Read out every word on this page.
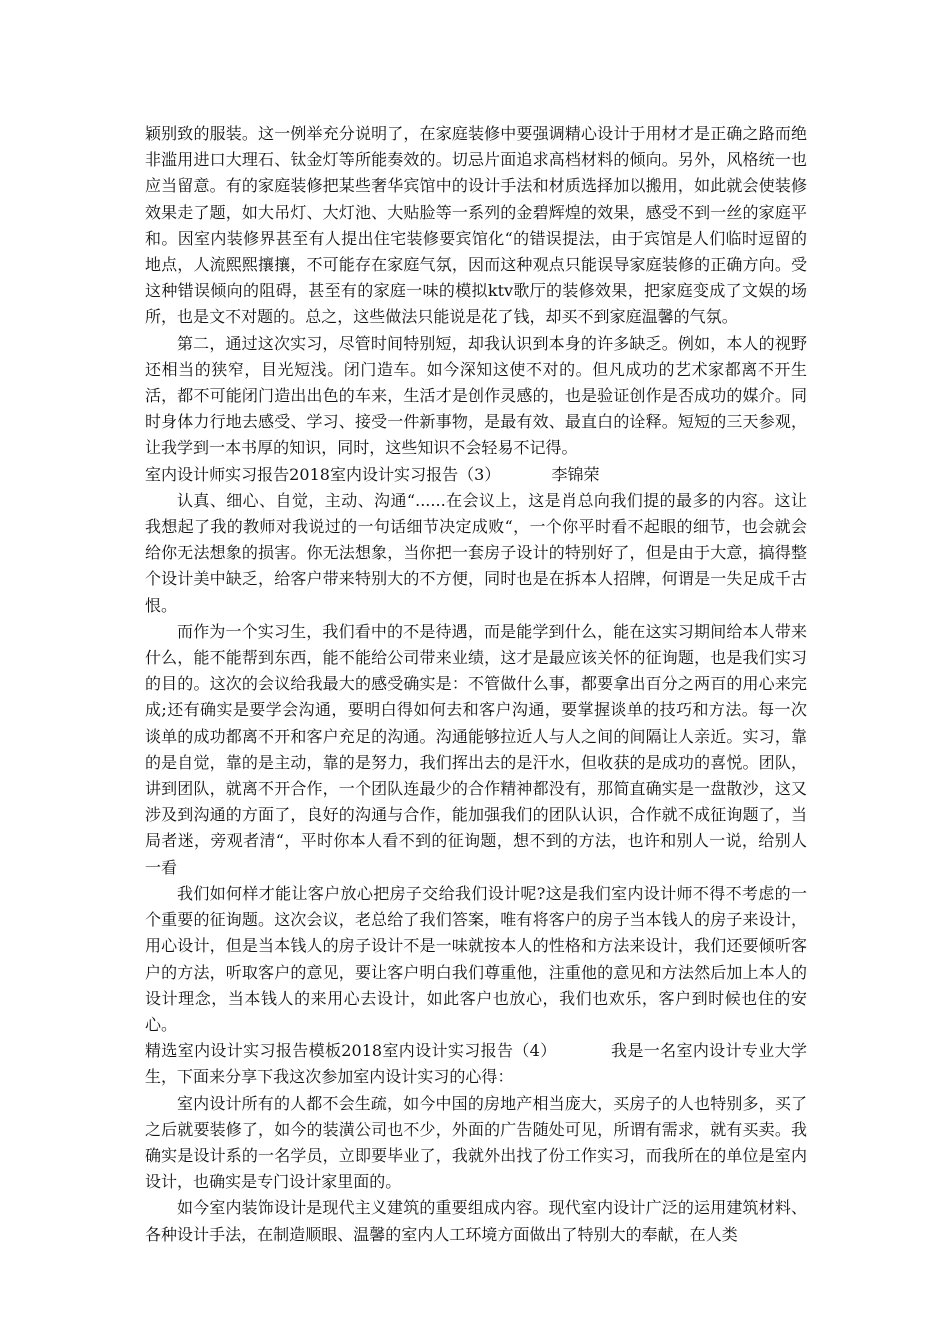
颖别致的服装。这一例举充分说明了，在家庭装修中要强调精心设计于用材才是正确之路而绝非滥用进口大理石、钛金灯等所能奏效的。切忌片面追求高档材料的倾向。另外，风格统一也应当留意。有的家庭装修把某些奢华宾馆中的设计手法和材质选择加以搬用，如此就会使装修效果走了题，如大吊灯、大灯池、大贴脸等一系列的金碧辉煌的效果，感受不到一丝的家庭平和。因室内装修界甚至有人提出住宅装修要宾馆化“的错误提法，由于宾馆是人们临时逗留的地点，人流熙熙攘攘，不可能存在家庭气氛，因而这种观点只能误导家庭装修的正确方向。受这种错误倾向的阻碍，甚至有的家庭一味的模拟ktv歌厅的装修效果，把家庭变成了文娱的场所，也是文不对题的。总之，这些做法只能说是花了钱，却买不到家庭温馨的气氛。

第二，通过这次实习，尽管时间特别短，却我认识到本身的许多缺乏。例如，本人的视野还相当的狭窄，目光短浅。闭门造车。如今深知这使不对的。但凡成功的艺术家都离不开生活，都不可能闭门造出出色的车来，生活才是创作灵感的，也是验证创作是否成功的媒介。同时身体力行地去感受、学习、接受一件新事物，是最有效、最直白的诠释。短短的三天参观，让我学到一本书厚的知识，同时，这些知识不会轻易不记得。

室内设计师实习报告2018室内设计实习报告（3）          李锦荣

认真、细心、自觉，主动、沟通“......在会议上，这是肖总向我们提的最多的内容。这让我想起了我的教师对我说过的一句话细节决定成败“，一个你平时看不起眼的细节，也会就会给你无法想象的损害。你无法想象，当你把一套房子设计的特别好了，但是由于大意，搞得整个设计美中缺乏，给客户带来特别大的不方便，同时也是在拆本人招牌，何谓是一失足成千古恨。

而作为一个实习生，我们看中的不是待遇，而是能学到什么，能在这实习期间给本人带来什么，能不能帮到东西，能不能给公司带来业绩，这才是最应该关怀的征询题，也是我们实习的目的。这次的会议给我最大的感受确实是：不管做什么事，都要拿出百分之两百的用心来完成;还有确实是要学会沟通，要明白得如何去和客户沟通，要掌握谈单的技巧和方法。每一次谈单的成功都离不开和客户充足的沟通。沟通能够拉近人与人之间的间隔让人亲近。实习，靠的是自觉，靠的是主动，靠的是努力，我们挥出去的是汗水，但收获的是成功的喜悦。团队，讲到团队，就离不开合作，一个团队连最少的合作精神都没有，那简直确实是一盘散沙，这又涉及到沟通的方面了，良好的沟通与合作，能加强我们的团队认识，合作就不成征询题了，当局者迷，旁观者清“，平时你本人看不到的征询题，想不到的方法，也许和别人一说，给别人一看

我们如何样才能让客户放心把房子交给我们设计呢?这是我们室内设计师不得不考虑的一个重要的征询题。这次会议，老总给了我们答案，唯有将客户的房子当本钱人的房子来设计，用心设计，但是当本钱人的房子设计不是一味就按本人的性格和方法来设计，我们还要倾听客户的方法，听取客户的意见，要让客户明白我们尊重他，注重他的意见和方法然后加上本人的设计理念，当本钱人的来用心去设计，如此客户也放心，我们也欢乐，客户到时候也住的安心。

精选室内设计实习报告模板2018室内设计实习报告（4）          我是一名室内设计专业大学生，下面来分享下我这次参加室内设计实习的心得：

室内设计所有的人都不会生疏，如今中国的房地产相当庞大，买房子的人也特别多，买了之后就要装修了，如今的装潢公司也不少，外面的广告随处可见，所谓有需求，就有买卖。我确实是设计系的一名学员，立即要毕业了，我就外出找了份工作实习，而我所在的单位是室内设计，也确实是专门设计家里面的。

如今室内装饰设计是现代主义建筑的重要组成内容。现代室内设计广泛的运用建筑材料、各种设计手法，在制造顺眼、温馨的室内人工环境方面做出了特别大的奉献，在人类
